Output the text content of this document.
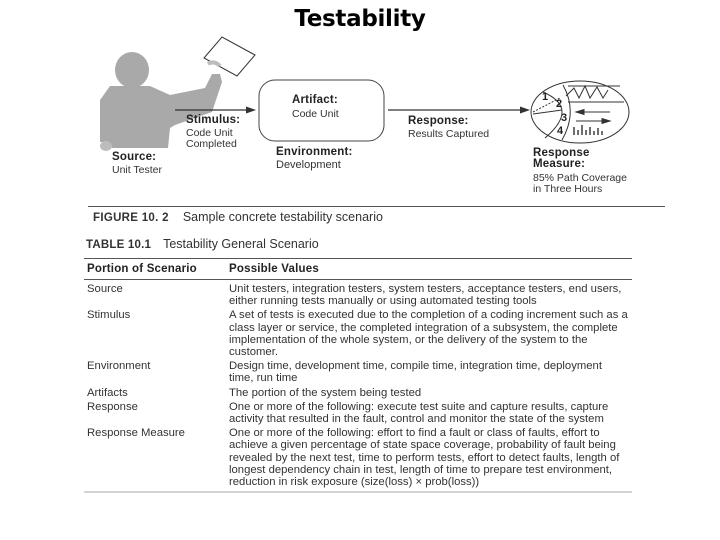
Testability
1
2
3
4
Source:
Unit Tester
Stimulus:
Code Unit
Completed
Artifact:
Code Unit
Environment:
Development
Response:
Results Captured
Response
Measure:
85% Path Coverage
in Three Hours
FIGURE 10. 2 Sample concrete testability scenario
TABLE 10.1 Testability General Scenario
Portion of Scenario	Possible Values
Source	Unit testers, integration testers, system testers, acceptance testers, end users, either running tests manually or using automated testing tools
Stimulus	A set of tests is executed due to the completion of a coding increment such as a class layer or service, the completed integration of a subsystem, the complete implementation of the whole system, or the delivery of the system to the customer.
Environment	Design time, development time, compile time, integration time, deployment time, run time
Artifacts	The portion of the system being tested
Response	One or more of the following: execute test suite and capture results, capture activity that resulted in the fault, control and monitor the state of the system
Response Measure	One or more of the following: effort to find a fault or class of faults, effort to achieve a given percentage of state space coverage, probability of fault being revealed by the next test, time to perform tests, effort to detect faults, length of longest dependency chain in test, length of time to prepare test environment, reduction in risk exposure (size(loss) × prob(loss))
